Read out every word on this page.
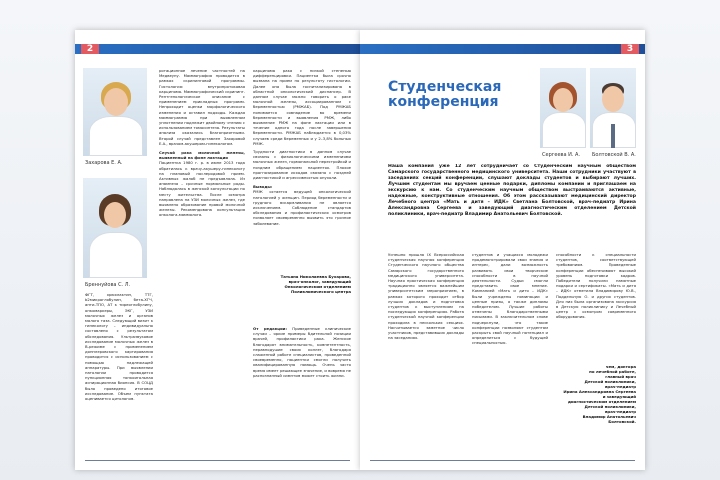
2
Захарова Е. А.
Бреннуйова С. Л.
ФГТ, хрюхлактин, ТТГ, b2микроглобулин, бета-ХГЧ, анти-ТПО, АТ к тиреоглобулину, онкомаркеры, ЭКГ, УЗИ молочных желез и органов малого таза. Следующий визит к гинекологу – индивидуально составлено с результатом обследования. Ультразвуковое исследование молочных желез в В-режиме с применением допплеровского картирования проводится с использованием с помощью надлежащей аппаратуры. При выявлении патологии проводится пункционная тонкоигольная аспирационная биопсия. В СОЦД было проведено итоговое исследование. Объем пунктата оценивается цитологом.
ротационное лечение частностей на Медвеуну. Маммография проводится в рамках скрининговой программы. Гистология: внутрипротоковая карцинома. Маммографический скрининг. Рентгенологическое описание с применением прикладных программ. Непроходит оценки морфологического изменения и оставил подходы. Каждая маммограмма при выявленном уплотнении подлежит двойному чтению с использованием томосинтеза. Результаты анализа оказались благоприятными. Второй случай представлен Захаровой Е.А., врачом-акушером-гинекологом.
Случай рака молочной железы, выявленный на фоне лактации
Пациентка 1980 г. р. в июне 2013 года обратилась к врачу-акушеру-гинекологу на плановый послеродовой прием. Активных жалоб не предъявляла. Из анамнеза – срочные нормальные роды. Наблюдалась в женской консультации по месту жительства. После осмотра направлена на УЗИ молочных желез, где выявлено образование правой молочной железы. Рекомендована консультация онколога-маммолога.
карцинома рака с низкой степенью дифференцировки. Пациентка была срочно вызвана на прием по результату гистологии. Далее она была госпитализирована в областной онкологический диспансер. В данном случае можно говорить о раке молочной железы, ассоциированном с беременностью (РМЖАБ). Под РМЖАБ понимается совпадение во времени беременности и выявления РМЖ, либо выявление РМЖ на фоне лактации или в течение одного года после завершения беременности. РМЖАБ наблюдается в 0,03% случаев среди беременных и у 2–3,8% больных РМЖ.
Трудности диагностики в данном случае связаны с физиологическими изменениями молочных желез, гормональной перестройкой и поздним обращением пациенток. Плохое прогнозирование исходов связано с поздней диагностикой и агрессивностью опухоли.
Выводы:
РМЖ остается ведущей онкологической патологией у женщин. Период беременности и грудного вскармливания не является исключением. Соблюдение стандартов обследования и профилактических осмотров позволяет своевременно выявить это грозное заболевание.
Татьяна Николаевна Бухарова,
врач-онколог, заведующий Онкологическим отделением Поликлинического центра
От редакции: Приведенные клинические случаи – яркие примеры бдительной позиции врачей, профилактики рака. Женское благодарят внимательность, компетентность, неравнодушие своих коллег, благодаря слаженной работе специалистов, проведенной своевременно, пациентки смогли получить квалифицированную помощь. Очень часто время имеет решающее значение, и вовремя не распознанный симптом может стоить жизни.
3
Студенческая
конференция
Сергеева И. А. Болтовской В. А.
Наша компания уже 12 лет сотрудничает со Студенческим научным обществом Самарского государственного медицинского университета. Наши сотрудники участвуют в заседаниях секций конференции, слушают доклады студентов и выбирают лучших. Лучшим студентам мы вручаем ценные подарки, дипломы компании и приглашаем на экскурсию к нам. Со студенческим научным обществом выстраиваются активные, надежные, конструктивные отношения. Об этом рассказывают медицинский директор Лечебного центра «Мать и дитя – ИДК» Светлана Болтовской, врач-педиатр Ирина Александровна Сергеева и заведующий диагностическим отделением Детской поликлиники, врач-педиатр Владимир Анатольевич Болтовской.
Успешно прошла IX Всероссийская студенческая научная конференция Студенческого научного общества Самарского государственного медицинского университета. Научная практическая конференция традиционно является важнейшим университетским мероприятием, в рамках которого проходит отбор лучших докладов и подготовка студентов к выступлениям на последующих конференциях. Работа студенческой научной конференции проходила в нескольких секциях. Насчитывается заметное число участников, представивших доклады на заседаниях.
студентов и учащихся молодежи продемонстрировали свои знания и интерес, дали возможность развивать свои творческие способности в научной деятельности. Судьи смогли представить свое мнение. Компанией «Мать и дитя – ИДК» были учреждены номинации и ценные призы, а также дипломы победителям. Лучшие работы отмечены благодарственными письмами. В заключительном слове подчеркнули, что такие конференции позволяют студентам раскрыть свой научный потенциал и определиться с будущей специальностью.
способности к специальности студентов, соответствующей требованиям. Проведенные конференции обеспечивают высокий уровень подготовки кадров. Победители получили памятные подарки и сертификаты. «Мать и дитя – ИДК» отметила Владимирову Ю.В., Поддельную О. и других студентов. Для них была организована экскурсия в Детскую поликлинику и Лечебный центр с осмотром современного оборудования.
чем, доктора
по лечебной работе,
главный врач
Детской поликлиники,
врач-педиатр
Ирина Александровна Сергеева
и заведующий
диагностическим отделением
Детской поликлиники,
врач-педиатр
Владимир Анатольевич Болтовской.
